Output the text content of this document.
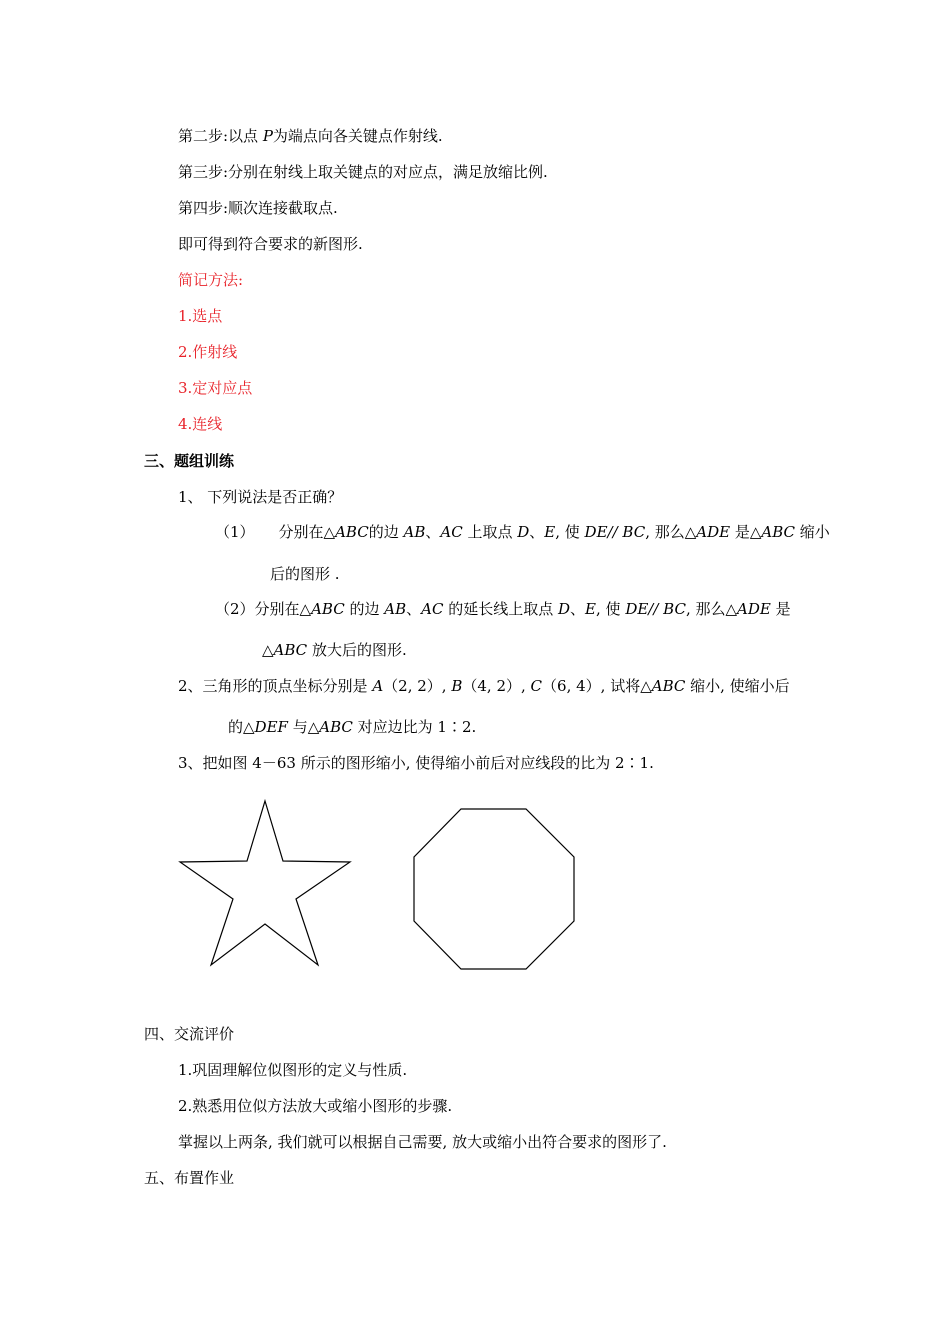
第二步:以点 P为端点向各关键点作射线.
第三步:分别在射线上取关键点的对应点，满足放缩比例.
第四步:顺次连接截取点.
即可得到符合要求的新图形.
简记方法:
1.选点
2.作射线
3.定对应点
4.连线
三、题组训练
1、 下列说法是否正确？
（1） 分别在△ABC的边 AB、AC 上取点 D、E, 使 DE// BC, 那么△ADE 是△ABC 缩小
后的图形 .
（2）分别在△ABC 的边 AB、AC 的延长线上取点 D、E, 使 DE// BC, 那么△ADE 是
△ABC 放大后的图形.
2、三角形的顶点坐标分别是 A（2, 2）, B（4, 2）, C（6, 4）, 试将△ABC 缩小, 使缩小后
的△DEF 与△ABC 对应边比为 1∶2.
3、把如图 4－63 所示的图形缩小, 使得缩小前后对应线段的比为 2∶1.
四、交流评价
1.巩固理解位似图形的定义与性质.
2.熟悉用位似方法放大或缩小图形的步骤.
掌握以上两条, 我们就可以根据自己需要, 放大或缩小出符合要求的图形了.
五、布置作业
